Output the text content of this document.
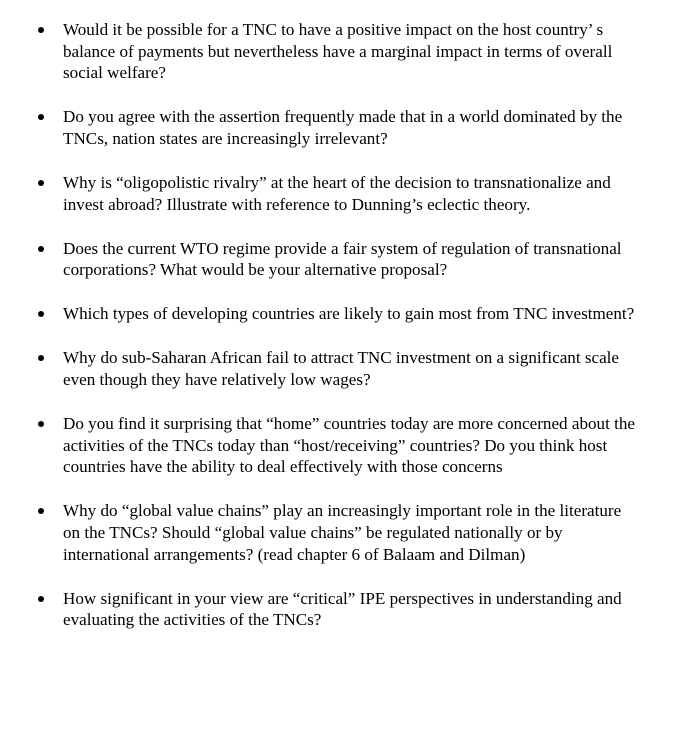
Would it be possible for a TNC to have a positive impact on the host country’ s balance of payments but nevertheless have a marginal impact in terms of overall social welfare?
Do you agree with the assertion frequently made that in a world dominated by the TNCs, nation states are increasingly irrelevant?
Why is “oligopolistic rivalry” at the heart of the decision to transnationalize and invest abroad? Illustrate with reference to Dunning’s eclectic theory.
Does the current WTO regime provide a fair system of regulation of transnational corporations? What would be your alternative proposal?
Which types of developing countries are likely to gain most from TNC investment?
Why do sub-Saharan African fail to attract TNC investment on a significant scale even though they have relatively low wages?
Do you find it surprising that “home” countries today are more concerned about the activities of the TNCs today than “host/receiving” countries? Do you think host countries have the ability to deal effectively with those concerns
Why do “global value chains” play an increasingly important role in the literature on the TNCs? Should “global value chains” be regulated nationally or by international arrangements? (read chapter 6 of Balaam and Dilman)
How significant in your view are “critical” IPE perspectives in understanding and evaluating the activities of the TNCs?
